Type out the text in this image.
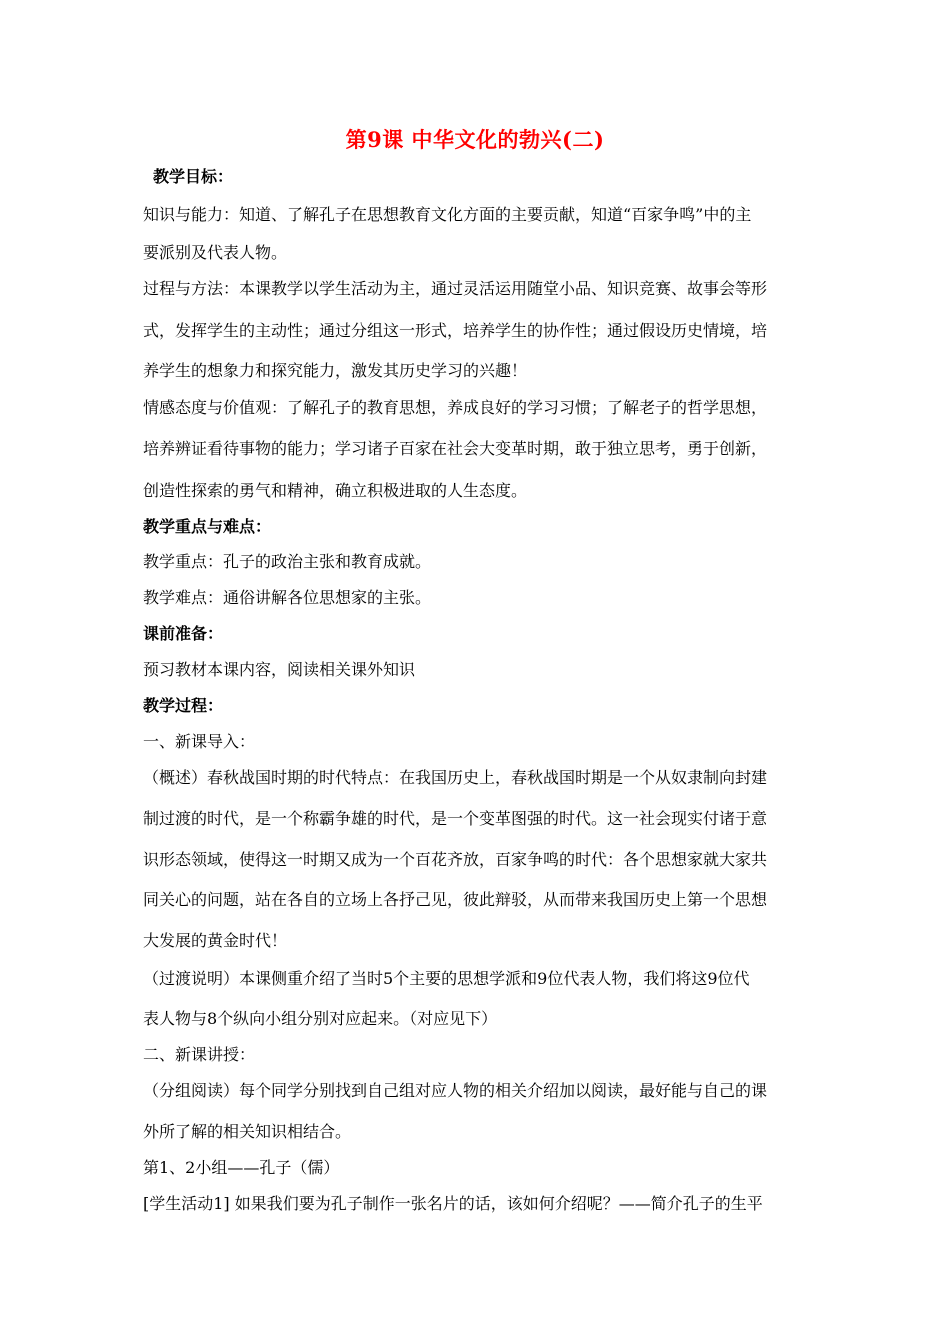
第9课 中华文化的勃兴(二)
教学目标：
知识与能力：知道、了解孔子在思想教育文化方面的主要贡献，知道“百家争鸣”中的主
要派别及代表人物。
过程与方法：本课教学以学生活动为主，通过灵活运用随堂小品、知识竞赛、故事会等形
式，发挥学生的主动性；通过分组这一形式，培养学生的协作性；通过假设历史情境，培
养学生的想象力和探究能力，激发其历史学习的兴趣！
情感态度与价值观：了解孔子的教育思想，养成良好的学习习惯；了解老子的哲学思想，
培养辨证看待事物的能力；学习诸子百家在社会大变革时期，敢于独立思考，勇于创新，
创造性探索的勇气和精神，确立积极进取的人生态度。
教学重点与难点：
教学重点：孔子的政治主张和教育成就。
教学难点：通俗讲解各位思想家的主张。
课前准备：
预习教材本课内容，阅读相关课外知识
教学过程：
一、新课导入：
（概述）春秋战国时期的时代特点：在我国历史上，春秋战国时期是一个从奴隶制向封建
制过渡的时代，是一个称霸争雄的时代，是一个变革图强的时代。这一社会现实付诸于意
识形态领域，使得这一时期又成为一个百花齐放，百家争鸣的时代：各个思想家就大家共
同关心的问题，站在各自的立场上各抒己见，彼此辩驳，从而带来我国历史上第一个思想
大发展的黄金时代！
（过渡说明）本课侧重介绍了当时5个主要的思想学派和9位代表人物，我们将这9位代
表人物与8个纵向小组分别对应起来。（对应见下）
二、新课讲授：
（分组阅读）每个同学分别找到自己组对应人物的相关介绍加以阅读，最好能与自己的课
外所了解的相关知识相结合。
第1、2小组——孔子（儒）
[学生活动1] 如果我们要为孔子制作一张名片的话，该如何介绍呢？——简介孔子的生平
